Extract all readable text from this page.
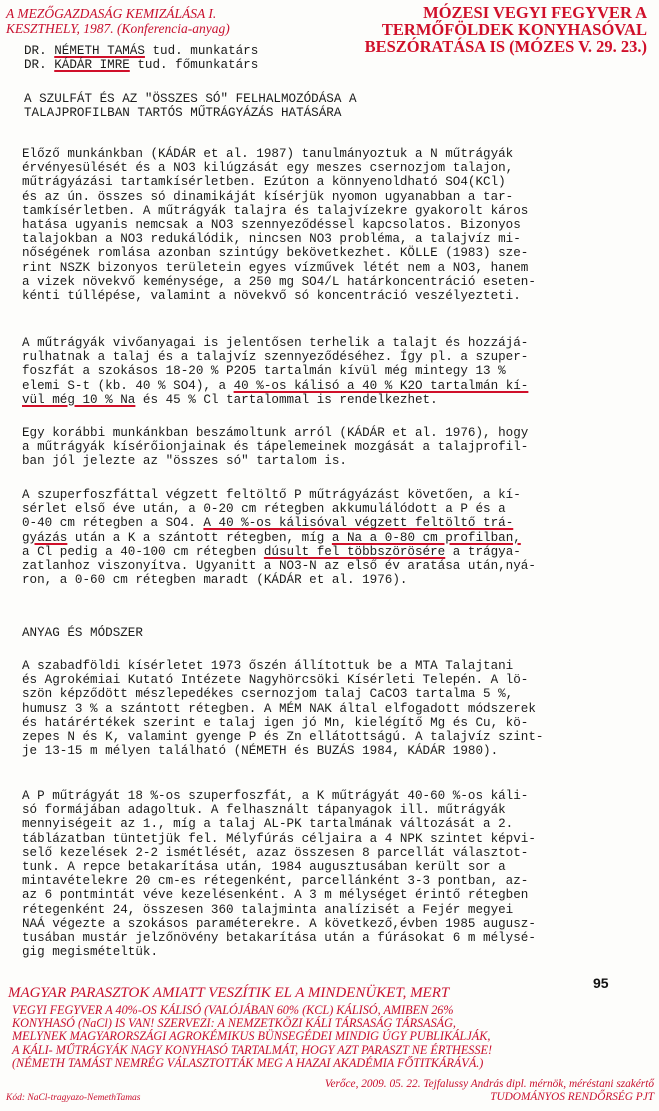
A MEZŐGAZDASÁG KEMIZÁLÁSA I.
KESZTHELY, 1987. (Konferencia-anyag)
MÓZESI VEGYI FEGYVER A
TERMŐFÖLDEK KONYHASÓVAL
BESZÓRATÁSA IS (MÓZES V. 29. 23.)
DR. NÉMETH TAMÁS tud. munkatárs
DR. KÁDÁR IMRE tud. főmunkatárs
A SZULFÁT ÉS AZ "ÖSSZES SÓ" FELHALMOZÓDÁSA A
TALAJPROFILBAN TARTÓS MŰTRÁGYÁZÁS HATÁSÁRA
Előző munkánkban (KÁDÁR et al. 1987) tanulmányoztuk a N műtrágyák
érvényesülését és a NO3 kilúgzását egy meszes csernozjom talajon,
műtrágyázási tartamkísérletben. Ezúton a könnyenoldható SO4(KCl)
és az ún. összes só dinamikáját kísérjük nyomon ugyanabban a tar-
tamkísérletben. A műtrágyák talajra és talajvízekre gyakorolt káros
hatása ugyanis nemcsak a NO3 szennyeződéssel kapcsolatos. Bizonyos
talajokban a NO3 redukálódik, nincsen NO3 probléma, a talajvíz mi-
nőségének romlása azonban szintúgy bekövetkezhet. KÖLLE (1983) sze-
rint NSZK bizonyos területein egyes vízművek létét nem a NO3, hanem
a vizek növekvő keménysége, a 250 mg SO4/L határkoncentráció eseten-
kénti túllépése, valamint a növekvő só koncentráció veszélyezteti.
A műtrágyák vivőanyagai is jelentősen terhelik a talajt és hozzájá-
rulhatnak a talaj és a talajvíz szennyeződéséhez. Így pl. a szuper-
foszfát a szokásos 18-20 % P2O5 tartalmán kívül még mintegy 13 %
elemi S-t (kb. 40 % SO4), a 40 %-os kálisó a 40 % K2O tartalmán kí-
vül még 10 % Na és 45 % Cl tartalommal is rendelkezhet.
Egy korábbi munkánkban beszámoltunk arról (KÁDÁR et al. 1976), hogy
a műtrágyák kísérőionjainak és tápelemeinek mozgását a talajprofil-
ban jól jelezte az "összes só" tartalom is.
A szuperfoszfáttal végzett feltöltő P műtrágyázást követően, a kí-
sérlet első éve után, a 0-20 cm rétegben akkumulálódott a P és a
0-40 cm rétegben a SO4. A 40 %-os kálisóval végzett feltöltő trá-
gyázás után a K a szántott rétegben, míg a Na a 0-80 cm profilban,
a Cl pedig a 40-100 cm rétegben dúsult fel többszörösére a trágya-
zatlanhoz viszonyítva. Ugyanitt a NO3-N az első év aratása után,nyá-
ron, a 0-60 cm rétegben maradt (KÁDÁR et al. 1976).
ANYAG ÉS MÓDSZER
A szabadföldi kísérletet 1973 őszén állítottuk be a MTA Talajtani
és Agrokémiai Kutató Intézete Nagyhörcsöki Kísérleti Telepén. A lö-
szön képződött mészlepedékes csernozjom talaj CaCO3 tartalma 5 %,
humusz 3 % a szántott rétegben. A MÉM NAK által elfogadott módszerek
és határértékek szerint e talaj igen jó Mn, kielégítő Mg és Cu, kö-
zepes N és K, valamint gyenge P és Zn ellátottságú. A talajvíz szint-
je 13-15 m mélyen található (NÉMETH és BUZÁS 1984, KÁDÁR 1980).
A P műtrágyát 18 %-os szuperfoszfát, a K műtrágyát 40-60 %-os káli-
só formájában adagoltuk. A felhasznált tápanyagok ill. műtrágyák
mennyiségeit az 1., míg a talaj AL-PK tartalmának változását a 2.
táblázatban tüntetjük fel. Mélyfúrás céljaira a 4 NPK szintet képvi-
selő kezelések 2-2 ismétlését, azaz összesen 8 parcellát választot-
tunk. A repce betakarítása után, 1984 augusztusában került sor a
mintavételekre 20 cm-es rétegenként, parcellánként 3-3 pontban, az-
az 6 pontmintát véve kezelésenként. A 3 m mélységet érintő rétegben
rétegenként 24, összesen 360 talajminta analízisét a Fejér megyei
NAÁ végezte a szokásos paraméterekre. A következő,évben 1985 augusz-
tusában mustár jelzőnövény betakarítása után a fúrásokat 6 m mélysé-
gig megismételtük.
95
MAGYAR PARASZTOK AMIATT VESZÍTIK EL A MINDENÜKET, MERT
VEGYI FEGYVER A 40%-OS KÁLISÓ (VALÓJÁBAN 60% (KCL) KÁLISÓ, AMIBEN 26%
KONYHASÓ (NaCl) IS VAN! SZERVEZI: A NEMZETKÖZI KÁLI TÁRSASÁG TÁRSASÁG,
MELYNEK MAGYARORSZÁGI AGROKÉMIKUS BÜNSEGÉDEI MINDIG ÚGY PUBLIKÁLJÁK,
A KÁLI- MŰTRÁGYÁK NAGY KONYHASÓ TARTALMÁT, HOGY AZT PARASZT NE ÉRTHESSE!
(NÉMETH TAMÁST NEMRÉG VÁLASZTOTTÁK MEG A HAZAI AKADÉMIA FŐTITKÁRÁVÁ.)
Verőce, 2009. 05. 22. Tejfalussy András dipl. mérnök, méréstani szakértő
TUDOMÁNYOS RENDŐRSÉG PJT
Kód: NaCl-tragyazo-NemethTamas
